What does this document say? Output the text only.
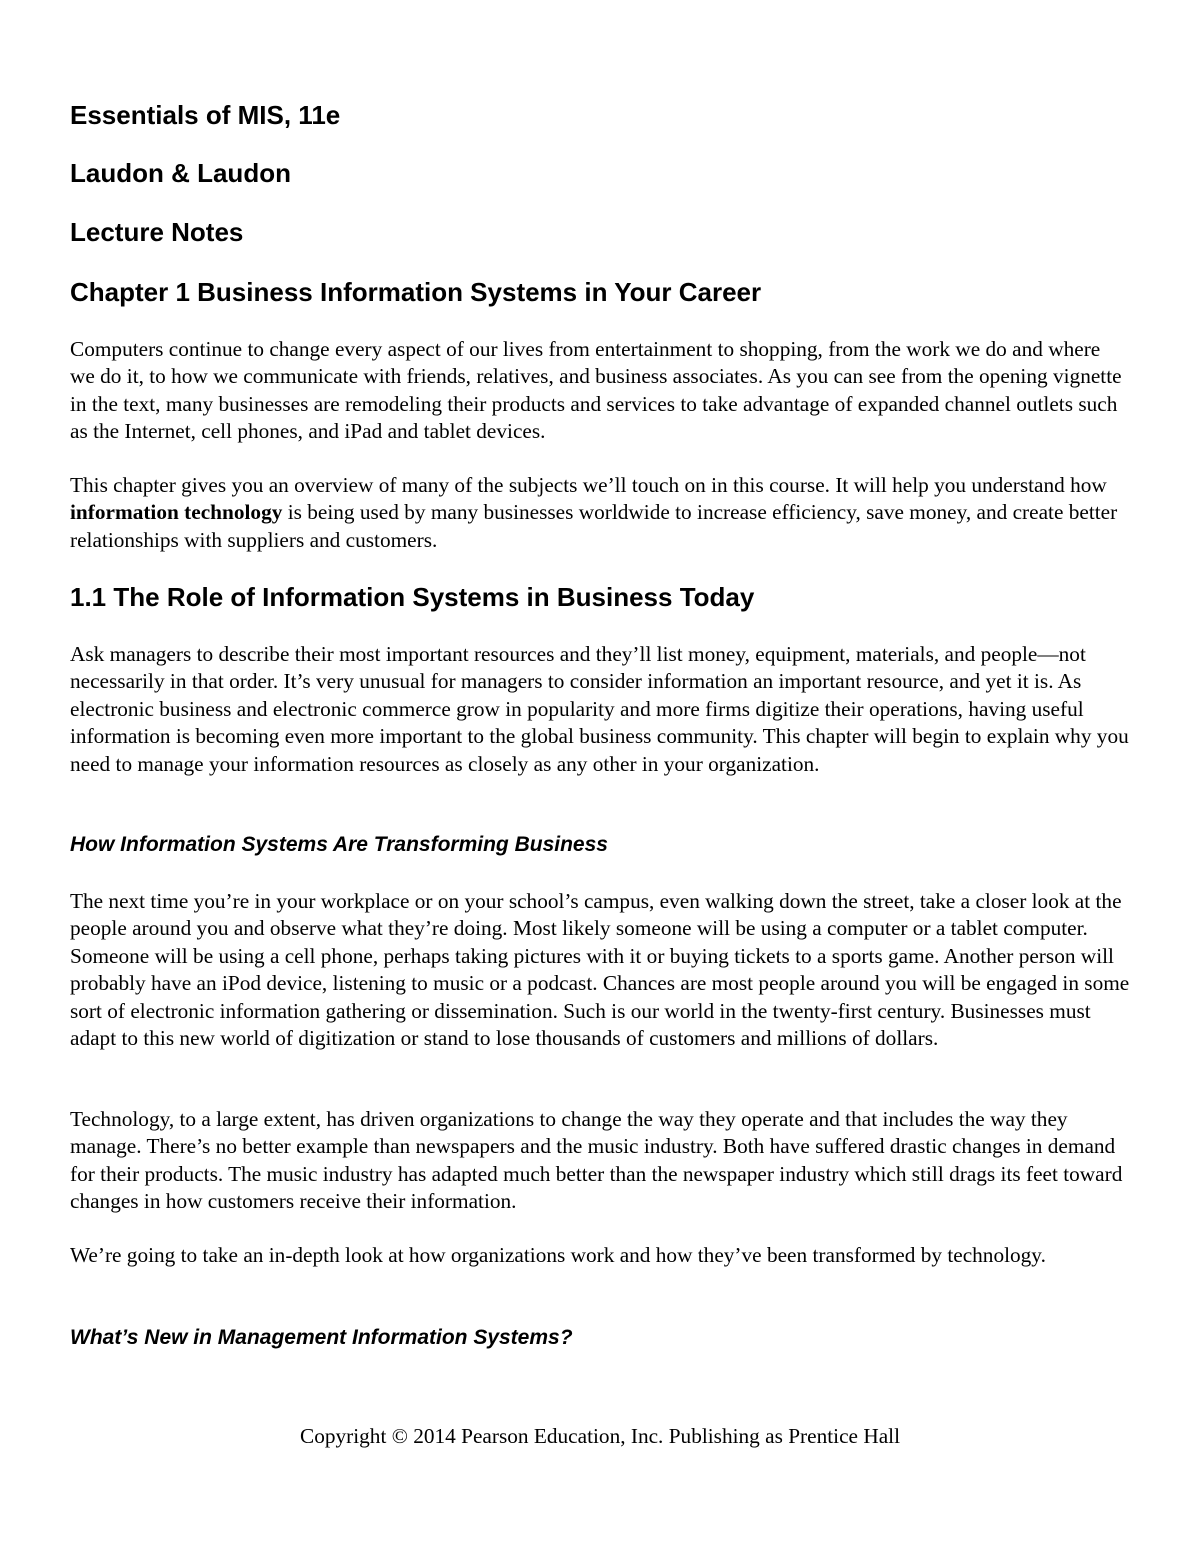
Essentials of MIS, 11e
Laudon & Laudon
Lecture Notes
Chapter 1 Business Information Systems in Your Career

Computers continue to change every aspect of our lives from entertainment to shopping, from the work we do and where we do it, to how we communicate with friends, relatives, and business associates. As you can see from the opening vignette in the text, many businesses are remodeling their products and services to take advantage of expanded channel outlets such as the Internet, cell phones, and iPad and tablet devices.

This chapter gives you an overview of many of the subjects we’ll touch on in this course. It will help you understand how information technology is being used by many businesses worldwide to increase efficiency, save money, and create better relationships with suppliers and customers.

1.1 The Role of Information Systems in Business Today

Ask managers to describe their most important resources and they’ll list money, equipment, materials, and people—not necessarily in that order. It’s very unusual for managers to consider information an important resource, and yet it is. As electronic business and electronic commerce grow in popularity and more firms digitize their operations, having useful information is becoming even more important to the global business community. This chapter will begin to explain why you need to manage your information resources as closely as any other in your organization.

How Information Systems Are Transforming Business

The next time you’re in your workplace or on your school’s campus, even walking down the street, take a closer look at the people around you and observe what they’re doing. Most likely someone will be using a computer or a tablet computer. Someone will be using a cell phone, perhaps taking pictures with it or buying tickets to a sports game. Another person will probably have an iPod device, listening to music or a podcast. Chances are most people around you will be engaged in some sort of electronic information gathering or dissemination. Such is our world in the twenty-first century. Businesses must adapt to this new world of digitization or stand to lose thousands of customers and millions of dollars.

Technology, to a large extent, has driven organizations to change the way they operate and that includes the way they manage. There’s no better example than newspapers and the music industry. Both have suffered drastic changes in demand for their products. The music industry has adapted much better than the newspaper industry which still drags its feet toward changes in how customers receive their information.

We’re going to take an in-depth look at how organizations work and how they’ve been transformed by technology.

What’s New in Management Information Systems?

Copyright © 2014 Pearson Education, Inc. Publishing as Prentice Hall
